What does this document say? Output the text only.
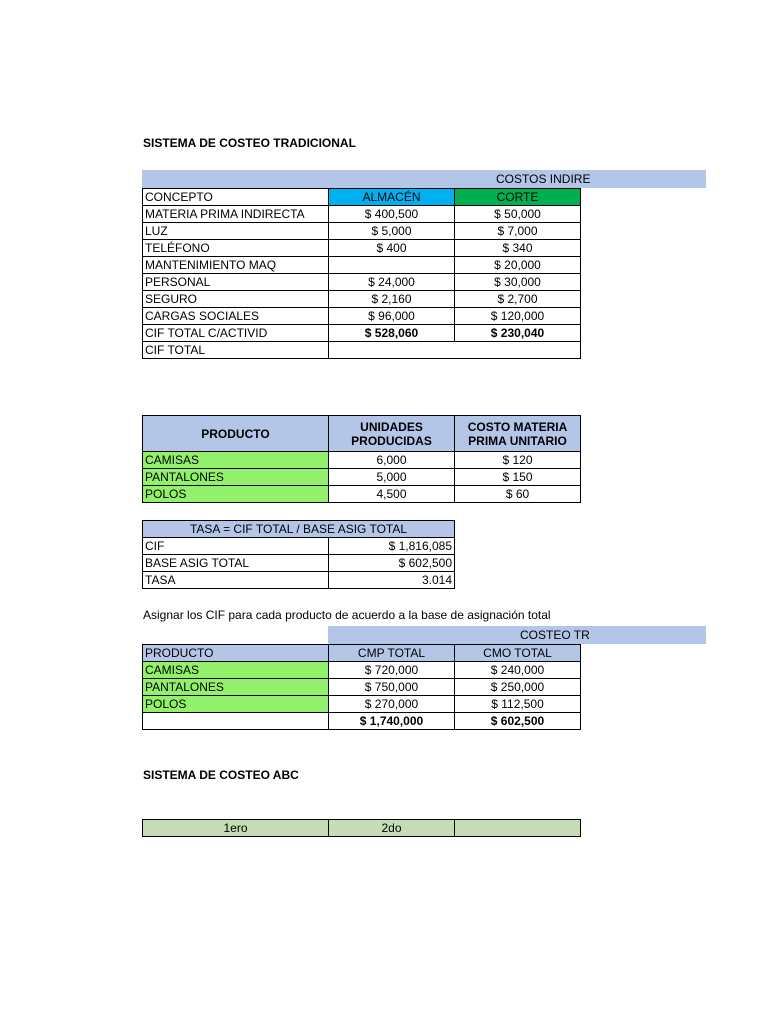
SISTEMA DE COSTEO TRADICIONAL
COSTOS INDIRE
CONCEPTO	ALMACÉN	CORTE
MATERIA PRIMA INDIRECTA	$ 400,500	$ 50,000
LUZ	$ 5,000	$ 7,000
TELÉFONO	$ 400	$ 340
MANTENIMIENTO MAQ		$ 20,000
PERSONAL	$ 24,000	$ 30,000
SEGURO	$ 2,160	$ 2,700
CARGAS SOCIALES	$ 96,000	$ 120,000
CIF TOTAL C/ACTIVID	$ 528,060	$ 230,040
CIF TOTAL		
PRODUCTO	UNIDADES PRODUCIDAS	COSTO MATERIA PRIMA UNITARIO
CAMISAS	6,000	$ 120
PANTALONES	5,000	$ 150
POLOS	4,500	$ 60
TASA = CIF TOTAL / BASE ASIG TOTAL	
CIF	$ 1,816,085
BASE ASIG TOTAL	$ 602,500
TASA	3.014
Asignar los CIF para cada producto de acuerdo a la base de asignación total
COSTEO TR
PRODUCTO	CMP TOTAL	CMO TOTAL
CAMISAS	$ 720,000	$ 240,000
PANTALONES	$ 750,000	$ 250,000
POLOS	$ 270,000	$ 112,500
	$ 1,740,000	$ 602,500
SISTEMA DE COSTEO ABC
1ero	2do	
